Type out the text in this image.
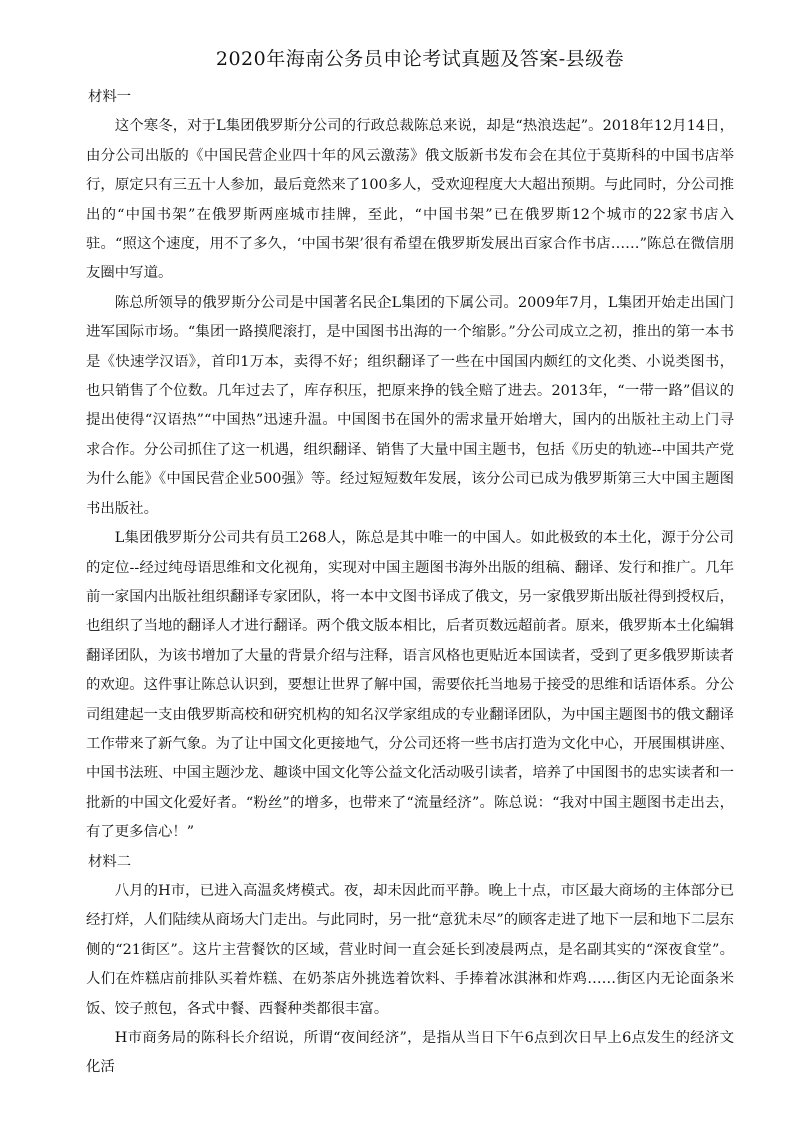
2020年海南公务员申论考试真题及答案-县级卷

材料一

这个寒冬，对于L集团俄罗斯分公司的行政总裁陈总来说，却是“热浪迭起”。2018年12月14日，由分公司出版的《中国民营企业四十年的风云激荡》俄文版新书发布会在其位于莫斯科的中国书店举行，原定只有三五十人参加，最后竟然来了100多人，受欢迎程度大大超出预期。与此同时，分公司推出的“中国书架”在俄罗斯两座城市挂牌，至此，“中国书架”已在俄罗斯12个城市的22家书店入驻。“照这个速度，用不了多久，‘中国书架’很有希望在俄罗斯发展出百家合作书店……”陈总在微信朋友圈中写道。

陈总所领导的俄罗斯分公司是中国著名民企L集团的下属公司。2009年7月，L集团开始走出国门进军国际市场。“集团一路摸爬滚打，是中国图书出海的一个缩影。”分公司成立之初，推出的第一本书是《快速学汉语》，首印1万本，卖得不好；组织翻译了一些在中国国内颇红的文化类、小说类图书，也只销售了个位数。几年过去了，库存积压，把原来挣的钱全赔了进去。2013年，“一带一路”倡议的提出使得“汉语热”“中国热”迅速升温。中国图书在国外的需求量开始增大，国内的出版社主动上门寻求合作。分公司抓住了这一机遇，组织翻译、销售了大量中国主题书，包括《历史的轨迹--中国共产党为什么能》《中国民营企业500强》等。经过短短数年发展，该分公司已成为俄罗斯第三大中国主题图书出版社。

L集团俄罗斯分公司共有员工268人，陈总是其中唯一的中国人。如此极致的本土化，源于分公司的定位--经过纯母语思维和文化视角，实现对中国主题图书海外出版的组稿、翻译、发行和推广。几年前一家国内出版社组织翻译专家团队，将一本中文图书译成了俄文，另一家俄罗斯出版社得到授权后，也组织了当地的翻译人才进行翻译。两个俄文版本相比，后者页数远超前者。原来，俄罗斯本土化编辑翻译团队，为该书增加了大量的背景介绍与注释，语言风格也更贴近本国读者，受到了更多俄罗斯读者的欢迎。这件事让陈总认识到，要想让世界了解中国，需要依托当地易于接受的思维和话语体系。分公司组建起一支由俄罗斯高校和研究机构的知名汉学家组成的专业翻译团队，为中国主题图书的俄文翻译工作带来了新气象。为了让中国文化更接地气，分公司还将一些书店打造为文化中心，开展围棋讲座、中国书法班、中国主题沙龙、趣谈中国文化等公益文化活动吸引读者，培养了中国图书的忠实读者和一批新的中国文化爱好者。“粉丝”的增多，也带来了“流量经济”。陈总说：“我对中国主题图书走出去，有了更多信心！”

材料二

八月的H市，已进入高温炙烤模式。夜，却未因此而平静。晚上十点，市区最大商场的主体部分已经打烊，人们陆续从商场大门走出。与此同时，另一批“意犹未尽”的顾客走进了地下一层和地下二层东侧的“21街区”。这片主营餐饮的区域，营业时间一直会延长到凌晨两点，是名副其实的“深夜食堂”。人们在炸糕店前排队买着炸糕、在奶茶店外挑选着饮料、手捧着冰淇淋和炸鸡……街区内无论面条米饭、饺子煎包，各式中餐、西餐种类都很丰富。

H市商务局的陈科长介绍说，所谓“夜间经济”，是指从当日下午6点到次日早上6点发生的经济文化活
